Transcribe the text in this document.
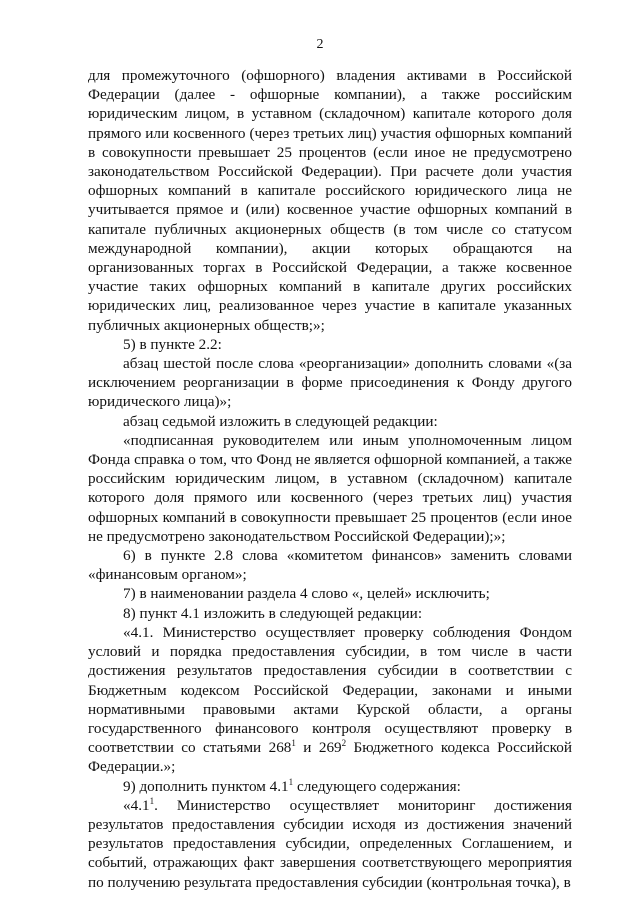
2

для промежуточного (офшорного) владения активами в Российской Федерации (далее - офшорные компании), а также российским юридическим лицом, в уставном (складочном) капитале которого доля прямого или косвенного (через третьих лиц) участия офшорных компаний в совокупности превышает 25 процентов (если иное не предусмотрено законодательством Российской Федерации). При расчете доли участия офшорных компаний в капитале российского юридического лица не учитывается прямое и (или) косвенное участие офшорных компаний в капитале публичных акционерных обществ (в том числе со статусом международной компании), акции которых обращаются на организованных торгах в Российской Федерации, а также косвенное участие таких офшорных компаний в капитале других российских юридических лиц, реализованное через участие в капитале указанных публичных акционерных обществ;»;

5) в пункте 2.2:

абзац шестой после слова «реорганизации» дополнить словами «(за исключением реорганизации в форме присоединения к Фонду другого юридического лица)»;

абзац седьмой изложить в следующей редакции:

«подписанная руководителем или иным уполномоченным лицом Фонда справка о том, что Фонд не является офшорной компанией, а также российским юридическим лицом, в уставном (складочном) капитале которого доля прямого или косвенного (через третьих лиц) участия офшорных компаний в совокупности превышает 25 процентов (если иное не предусмотрено законодательством Российской Федерации);»;

6) в пункте 2.8 слова «комитетом финансов» заменить словами «финансовым органом»;

7) в наименовании раздела 4 слово «, целей» исключить;

8) пункт 4.1 изложить в следующей редакции:

«4.1. Министерство осуществляет проверку соблюдения Фондом условий и порядка предоставления субсидии, в том числе в части достижения результатов предоставления субсидии в соответствии с Бюджетным кодексом Российской Федерации, законами и иными нормативными правовыми актами Курской области, а органы государственного финансового контроля осуществляют проверку в соответствии со статьями $268^1$ и $269^2$ Бюджетного кодекса Российской Федерации.»;

9) дополнить пунктом $4.1^1$ следующего содержания:

«$4.1^1$. Министерство осуществляет мониторинг достижения результатов предоставления субсидии исходя из достижения значений результатов предоставления субсидии, определенных Соглашением, и событий, отражающих факт завершения соответствующего мероприятия по получению результата предоставления субсидии (контрольная точка), в
